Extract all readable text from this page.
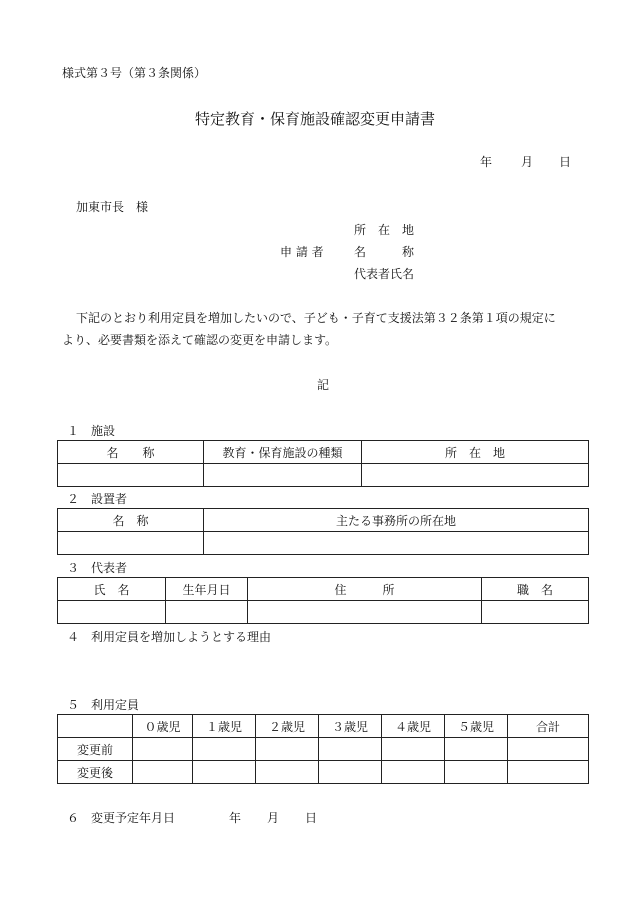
様式第３号（第３条関係）
特定教育・保育施設確認変更申請書
年 月 日
加東市長　様
所　在　地
申 請 者	名　　　称
代表者氏名
下記のとおり利用定員を増加したいので、子ども・子育て支援法第３２条第１項の規定に
より、必要書類を添えて確認の変更を申請します。
記
１　施設
名　　称	教育・保育施設の種類	所　在　地

２　設置者
名　称	主たる事務所の所在地

３　代表者
氏　名	生年月日	住　　　所	職　名

４　利用定員を増加しようとする理由
５　利用定員
	０歳児	１歳児	２歳児	３歳児	４歳児	５歳児	合計
変更前							
変更後							
６　変更予定年月日	年 月 日
